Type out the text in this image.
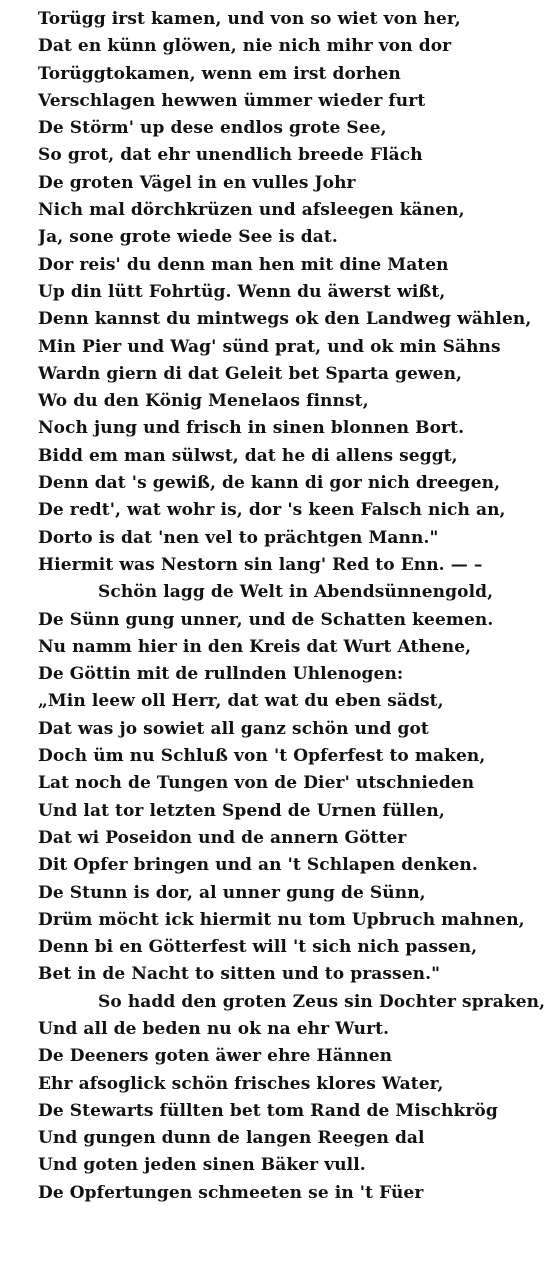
Torügg irst kamen, und von so wiet von her,
Dat en künn glöwen, nie nich mihr von dor
Torüggtokamen, wenn em irst dorhen
Verschlagen hewwen ümmer wieder furt
De Störm' up dese endlos grote See,
So grot, dat ehr unendlich breede Fläch
De groten Vägel in en vulles Johr
Nich mal dörchkrüzen und afsleegen känen,
Ja, sone grote wiede See is dat.
Dor reis' du denn man hen mit dine Maten
Up din lütt Fohrtüg. Wenn du äwerst wißt,
Denn kannst du mintwegs ok den Landweg wählen,
Min Pier und Wag' sünd prat, und ok min Sähns
Wardn giern di dat Geleit bet Sparta gewen,
Wo du den König Menelaos finnst,
Noch jung und frisch in sinen blonnen Bort.
Bidd em man sülwst, dat he di allens seggt,
Denn dat 's gewiß, de kann di gor nich dreegen,
De redt', wat wohr is, dor 's keen Falsch nich an,
Dorto is dat 'nen vel to prächtgen Mann."
Hiermit was Nestorn sin lang' Red to Enn. — –
Schön lagg de Welt in Abendsünnengold,
De Sünn gung unner, und de Schatten keemen.
Nu namm hier in den Kreis dat Wurt Athene,
De Göttin mit de rullnden Uhlenogen:
„Min leew oll Herr, dat wat du eben sädst,
Dat was jo sowiet all ganz schön und got
Doch üm nu Schluß von 't Opferfest to maken,
Lat noch de Tungen von de Dier' utschnieden
Und lat tor letzten Spend de Urnen füllen,
Dat wi Poseidon und de annern Götter
Dit Opfer bringen und an 't Schlapen denken.
De Stunn is dor, al unner gung de Sünn,
Drüm möcht ick hiermit nu tom Upbruch mahnen,
Denn bi en Götterfest will 't sich nich passen,
Bet in de Nacht to sitten und to prassen."
So hadd den groten Zeus sin Dochter spraken,
Und all de beden nu ok na ehr Wurt.
De Deeners goten äwer ehre Hännen
Ehr afsoglick schön frisches klores Water,
De Stewarts füllten bet tom Rand de Mischkrög
Und gungen dunn de langen Reegen dal
Und goten jeden sinen Bäker vull.
De Opfertungen schmeeten se in 't Füer
